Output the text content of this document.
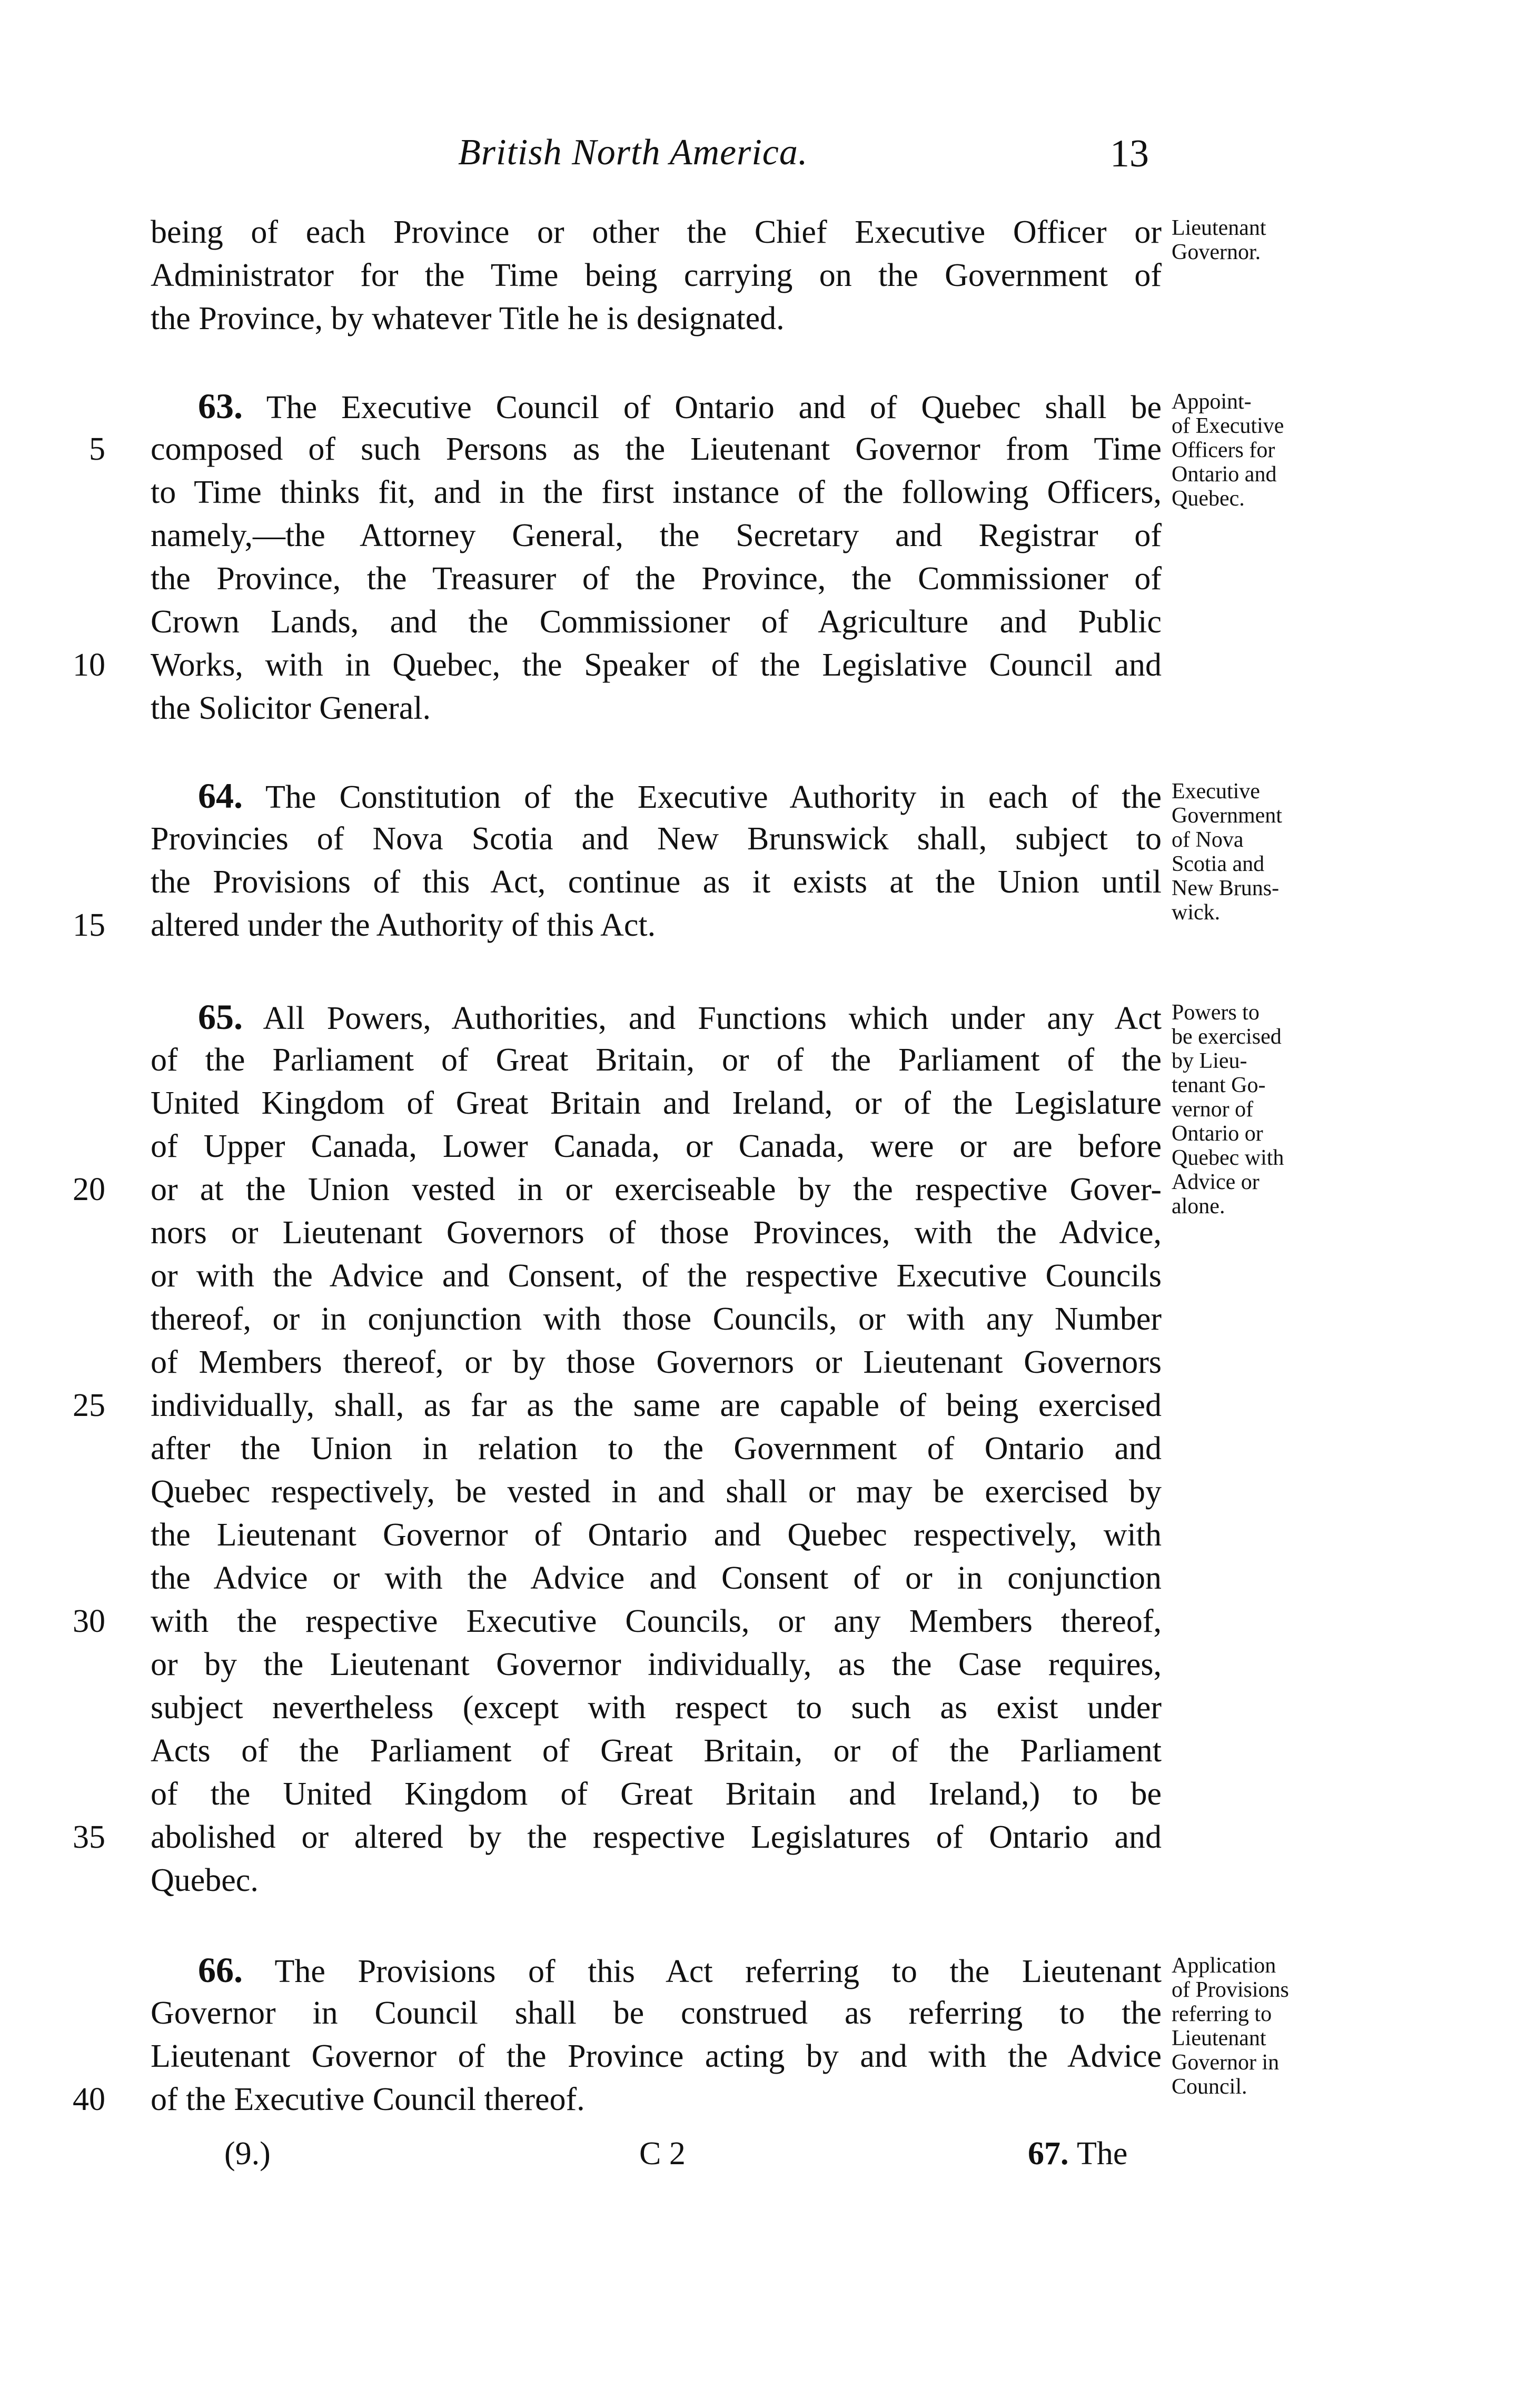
British North America.	13
being of each Province or other the Chief Executive Officer or
Administrator for the Time being carrying on the Government of
the Province, by whatever Title he is designated.
63. The Executive Council of Ontario and of Quebec shall be
composed of such Persons as the Lieutenant Governor from Time
to Time thinks fit, and in the first instance of the following Officers,
namely,—the Attorney General, the Secretary and Registrar of
the Province, the Treasurer of the Province, the Commissioner of
Crown Lands, and the Commissioner of Agriculture and Public
Works, with in Quebec, the Speaker of the Legislative Council and
the Solicitor General.
64. The Constitution of the Executive Authority in each of the
Provincies of Nova Scotia and New Brunswick shall, subject to
the Provisions of this Act, continue as it exists at the Union until
altered under the Authority of this Act.
65. All Powers, Authorities, and Functions which under any Act
of the Parliament of Great Britain, or of the Parliament of the
United Kingdom of Great Britain and Ireland, or of the Legislature
of Upper Canada, Lower Canada, or Canada, were or are before
or at the Union vested in or exerciseable by the respective Gover-
nors or Lieutenant Governors of those Provinces, with the Advice,
or with the Advice and Consent, of the respective Executive Councils
thereof, or in conjunction with those Councils, or with any Number
of Members thereof, or by those Governors or Lieutenant Governors
individually, shall, as far as the same are capable of being exercised
after the Union in relation to the Government of Ontario and
Quebec respectively, be vested in and shall or may be exercised by
the Lieutenant Governor of Ontario and Quebec respectively, with
the Advice or with the Advice and Consent of or in conjunction
with the respective Executive Councils, or any Members thereof,
or by the Lieutenant Governor individually, as the Case requires,
subject nevertheless (except with respect to such as exist under
Acts of the Parliament of Great Britain, or of the Parliament
of the United Kingdom of Great Britain and Ireland,) to be
abolished or altered by the respective Legislatures of Ontario and
Quebec.
66. The Provisions of this Act referring to the Lieutenant
Governor in Council shall be construed as referring to the
Lieutenant Governor of the Province acting by and with the Advice
of the Executive Council thereof.
5
10
15
20
25
30
35
40
Lieutenant
Governor.
Appoint-
of Executive
Officers for
Ontario and
Quebec.
Executive
Government
of Nova
Scotia and
New Bruns-
wick.
Powers to
be exercised
by Lieu-
tenant Go-
vernor of
Ontario or
Quebec with
Advice or
alone.
Application
of Provisions
referring to
Lieutenant
Governor in
Council.
(9.)	C 2	67. The
